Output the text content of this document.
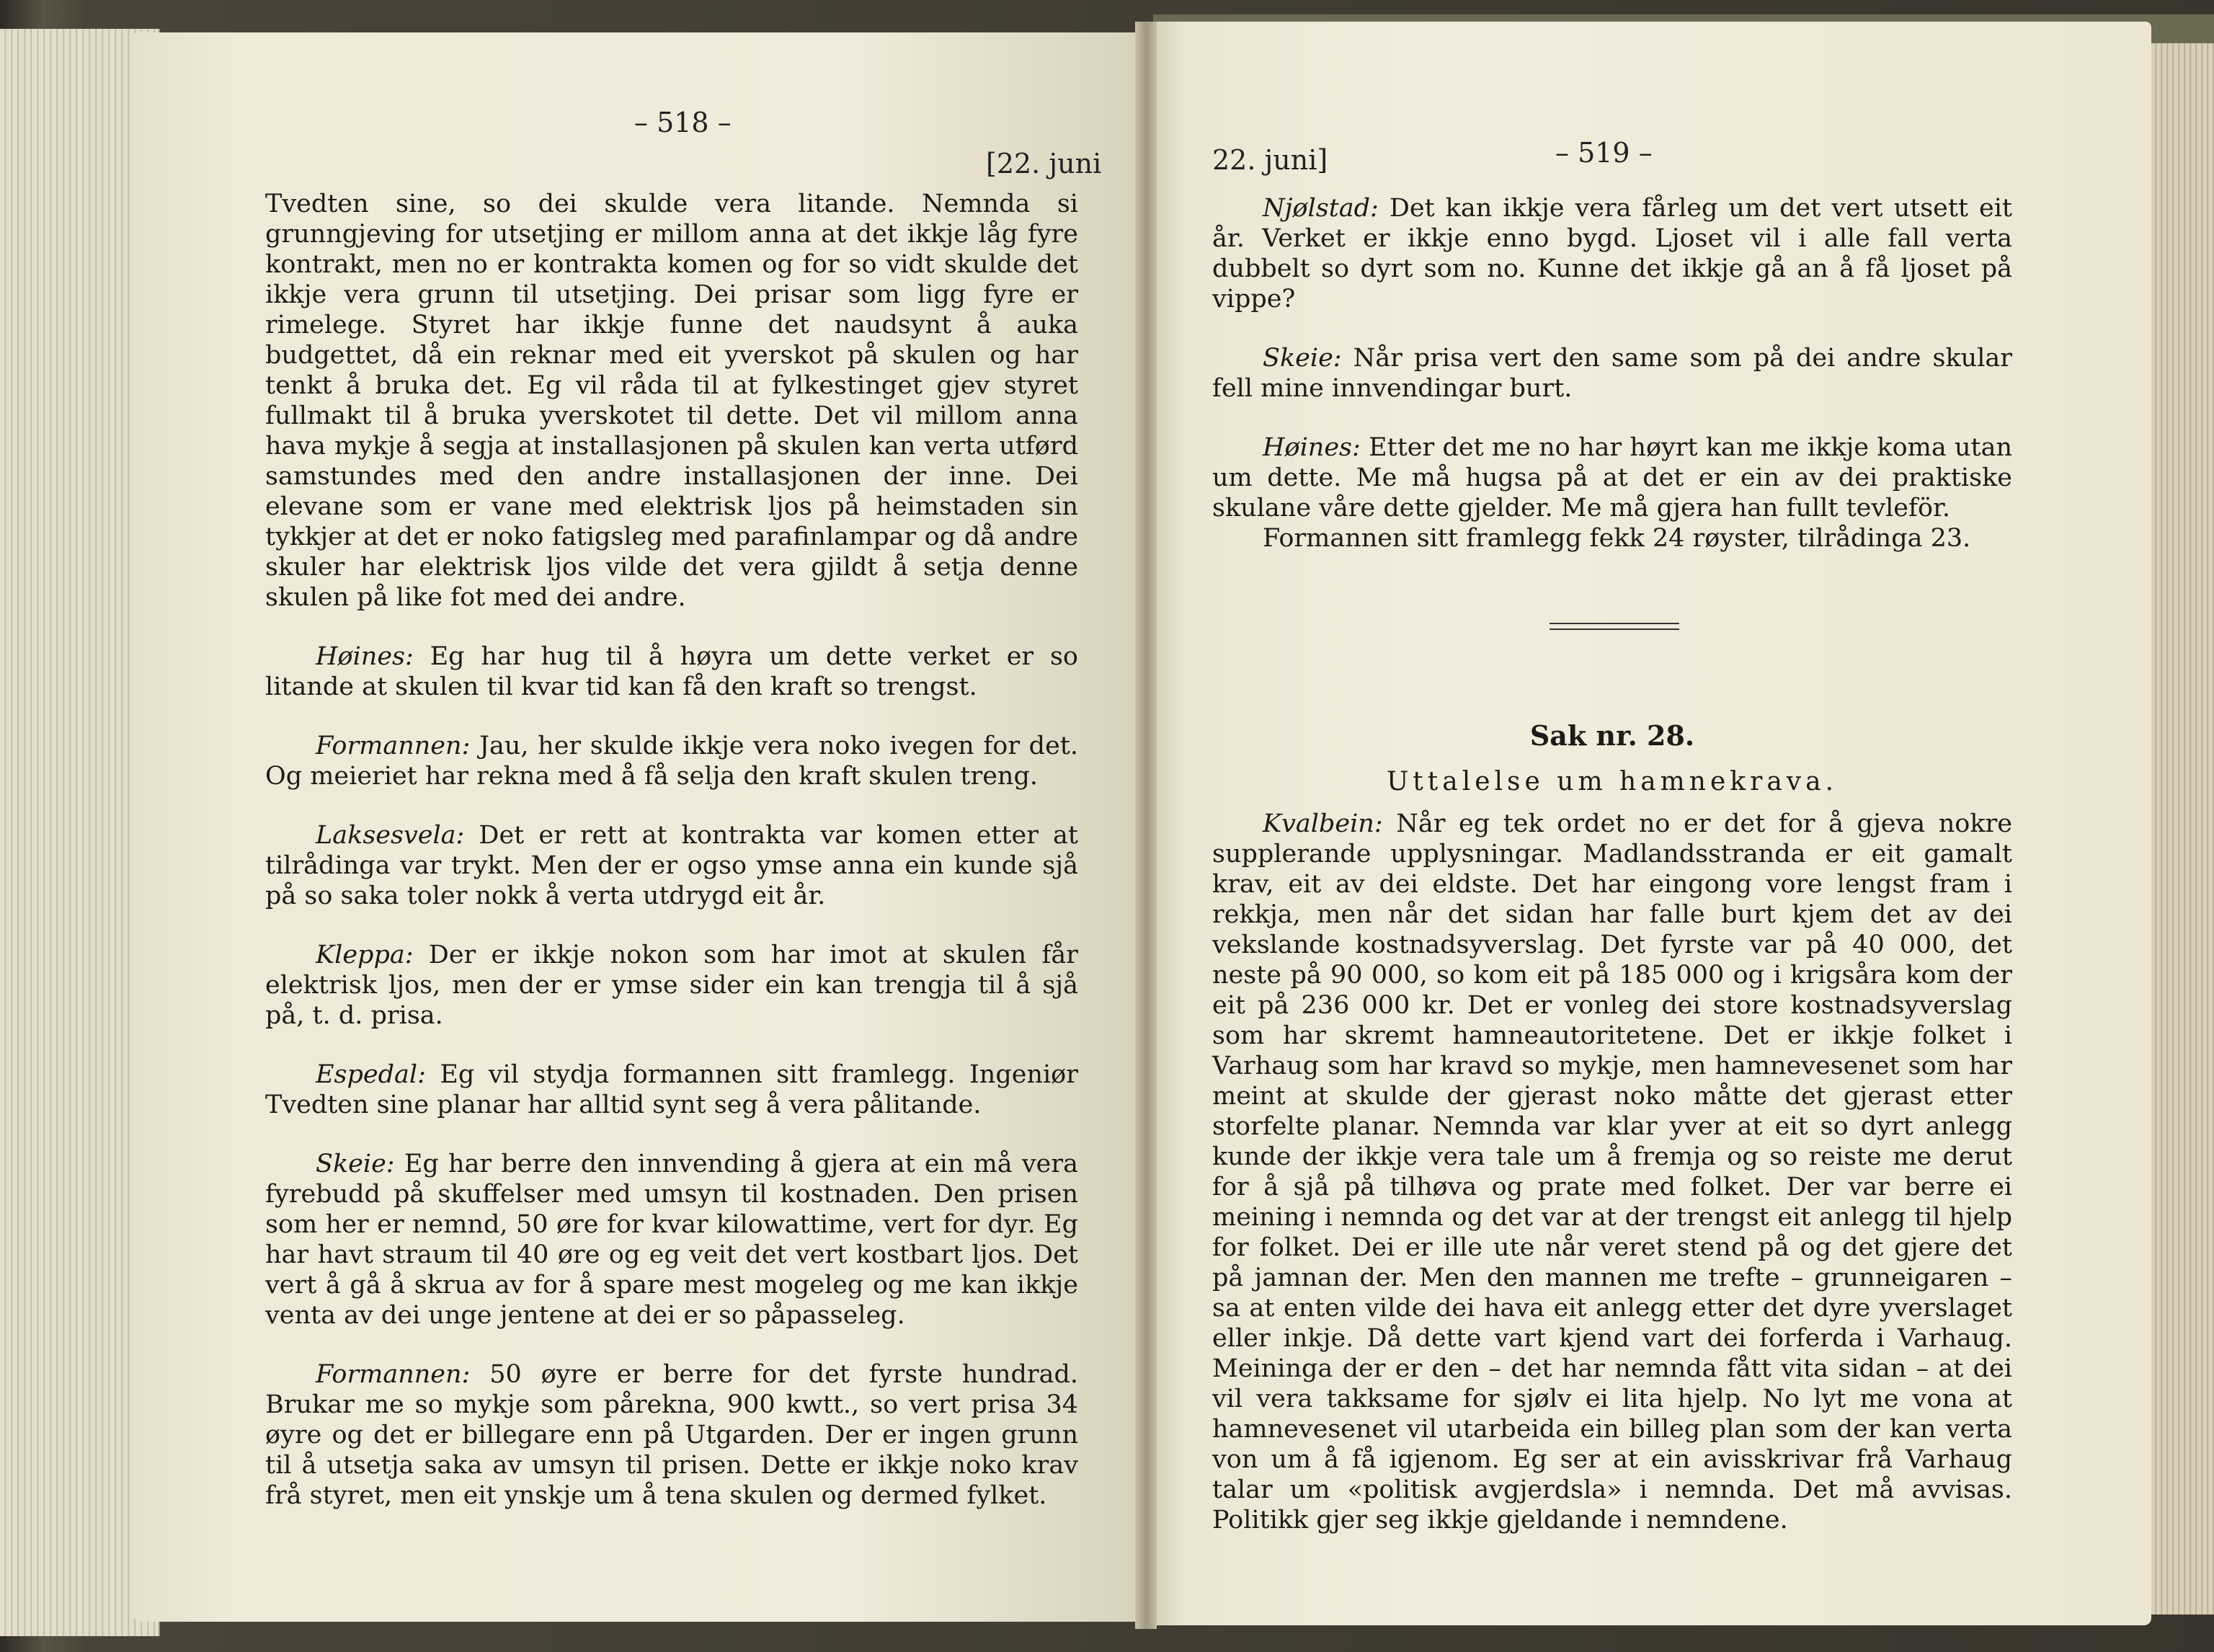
– 518 –
[22. juni

Tvedten sine, so dei skulde vera litande. Nemnda si grunngjeving for utsetjing er millom anna at det ikkje låg fyre kontrakt, men no er kontrakta komen og for so vidt skulde det ikkje vera grunn til utsetjing. Dei prisar som ligg fyre er rimelege. Styret har ikkje funne det naudsynt å auka budgettet, då ein reknar med eit yverskot på skulen og har tenkt å bruka det. Eg vil råda til at fylkestinget gjev styret fullmakt til å bruka yverskotet til dette. Det vil millom anna hava mykje å segja at installasjonen på skulen kan verta utførd samstundes med den andre installasjonen der inne. Dei elevane som er vane med elektrisk ljos på heimstaden sin tykkjer at det er noko fatigsleg med parafinlampar og då andre skuler har elektrisk ljos vilde det vera gjildt å setja denne skulen på like fot med dei andre.

Høines: Eg har hug til å høyra um dette verket er so litande at skulen til kvar tid kan få den kraft so trengst.

Formannen: Jau, her skulde ikkje vera noko ivegen for det. Og meieriet har rekna med å få selja den kraft skulen treng.

Laksesvela: Det er rett at kontrakta var komen etter at tilrådinga var trykt. Men der er ogso ymse anna ein kunde sjå på so saka toler nokk å verta utdrygd eit år.

Kleppa: Der er ikkje nokon som har imot at skulen får elektrisk ljos, men der er ymse sider ein kan trengja til å sjå på, t. d. prisa.

Espedal: Eg vil stydja formannen sitt framlegg. Ingeniør Tvedten sine planar har alltid synt seg å vera pålitande.

Skeie: Eg har berre den innvending å gjera at ein må vera fyrebudd på skuffelser med umsyn til kostnaden. Den prisen som her er nemnd, 50 øre for kvar kilowattime, vert for dyr. Eg har havt straum til 40 øre og eg veit det vert kostbart ljos. Det vert å gå å skrua av for å spare mest mogeleg og me kan ikkje venta av dei unge jentene at dei er so påpasseleg.

Formannen: 50 øyre er berre for det fyrste hundrad. Brukar me so mykje som pårekna, 900 kwtt., so vert prisa 34 øyre og det er billegare enn på Utgarden. Der er ingen grunn til å utsetja saka av umsyn til prisen. Dette er ikkje noko krav frå styret, men eit ynskje um å tena skulen og dermed fylket.

22. juni]	– 519 –

Njølstad: Det kan ikkje vera fårleg um det vert utsett eit år. Verket er ikkje enno bygd. Ljoset vil i alle fall verta dubbelt so dyrt som no. Kunne det ikkje gå an å få ljoset på vippe?

Skeie: Når prisa vert den same som på dei andre skular fell mine innvendingar burt.

Høines: Etter det me no har høyrt kan me ikkje koma utan um dette. Me må hugsa på at det er ein av dei praktiske skulane våre dette gjelder. Me må gjera han fullt tevleför.

Formannen sitt framlegg fekk 24 røyster, tilrådinga 23.

Sak nr. 28.

Uttalelse um hamnekrava.

Kvalbein: Når eg tek ordet no er det for å gjeva nokre supplerande upplysningar. Madlandsstranda er eit gamalt krav, eit av dei eldste. Det har eingong vore lengst fram i rekkja, men når det sidan har falle burt kjem det av dei vekslande kostnadsyverslag. Det fyrste var på 40 000, det neste på 90 000, so kom eit på 185 000 og i krigsåra kom der eit på 236 000 kr. Det er vonleg dei store kostnadsyverslag som har skremt hamneautoritetene. Det er ikkje folket i Varhaug som har kravd so mykje, men hamnevesenet som har meint at skulde der gjerast noko måtte det gjerast etter storfelte planar. Nemnda var klar yver at eit so dyrt anlegg kunde der ikkje vera tale um å fremja og so reiste me derut for å sjå på tilhøva og prate med folket. Der var berre ei meining i nemnda og det var at der trengst eit anlegg til hjelp for folket. Dei er ille ute når veret stend på og det gjere det på jamnan der. Men den mannen me trefte – grunneigaren – sa at enten vilde dei hava eit anlegg etter det dyre yverslaget eller inkje. Då dette vart kjend vart dei forferda i Varhaug. Meininga der er den – det har nemnda fått vita sidan – at dei vil vera takksame for sjølv ei lita hjelp. No lyt me vona at hamnevesenet vil utarbeida ein billeg plan som der kan verta von um å få igjenom. Eg ser at ein avisskrivar frå Varhaug talar um «politisk avgjerdsla» i nemnda. Det må avvisas. Politikk gjer seg ikkje gjeldande i nemndene.
